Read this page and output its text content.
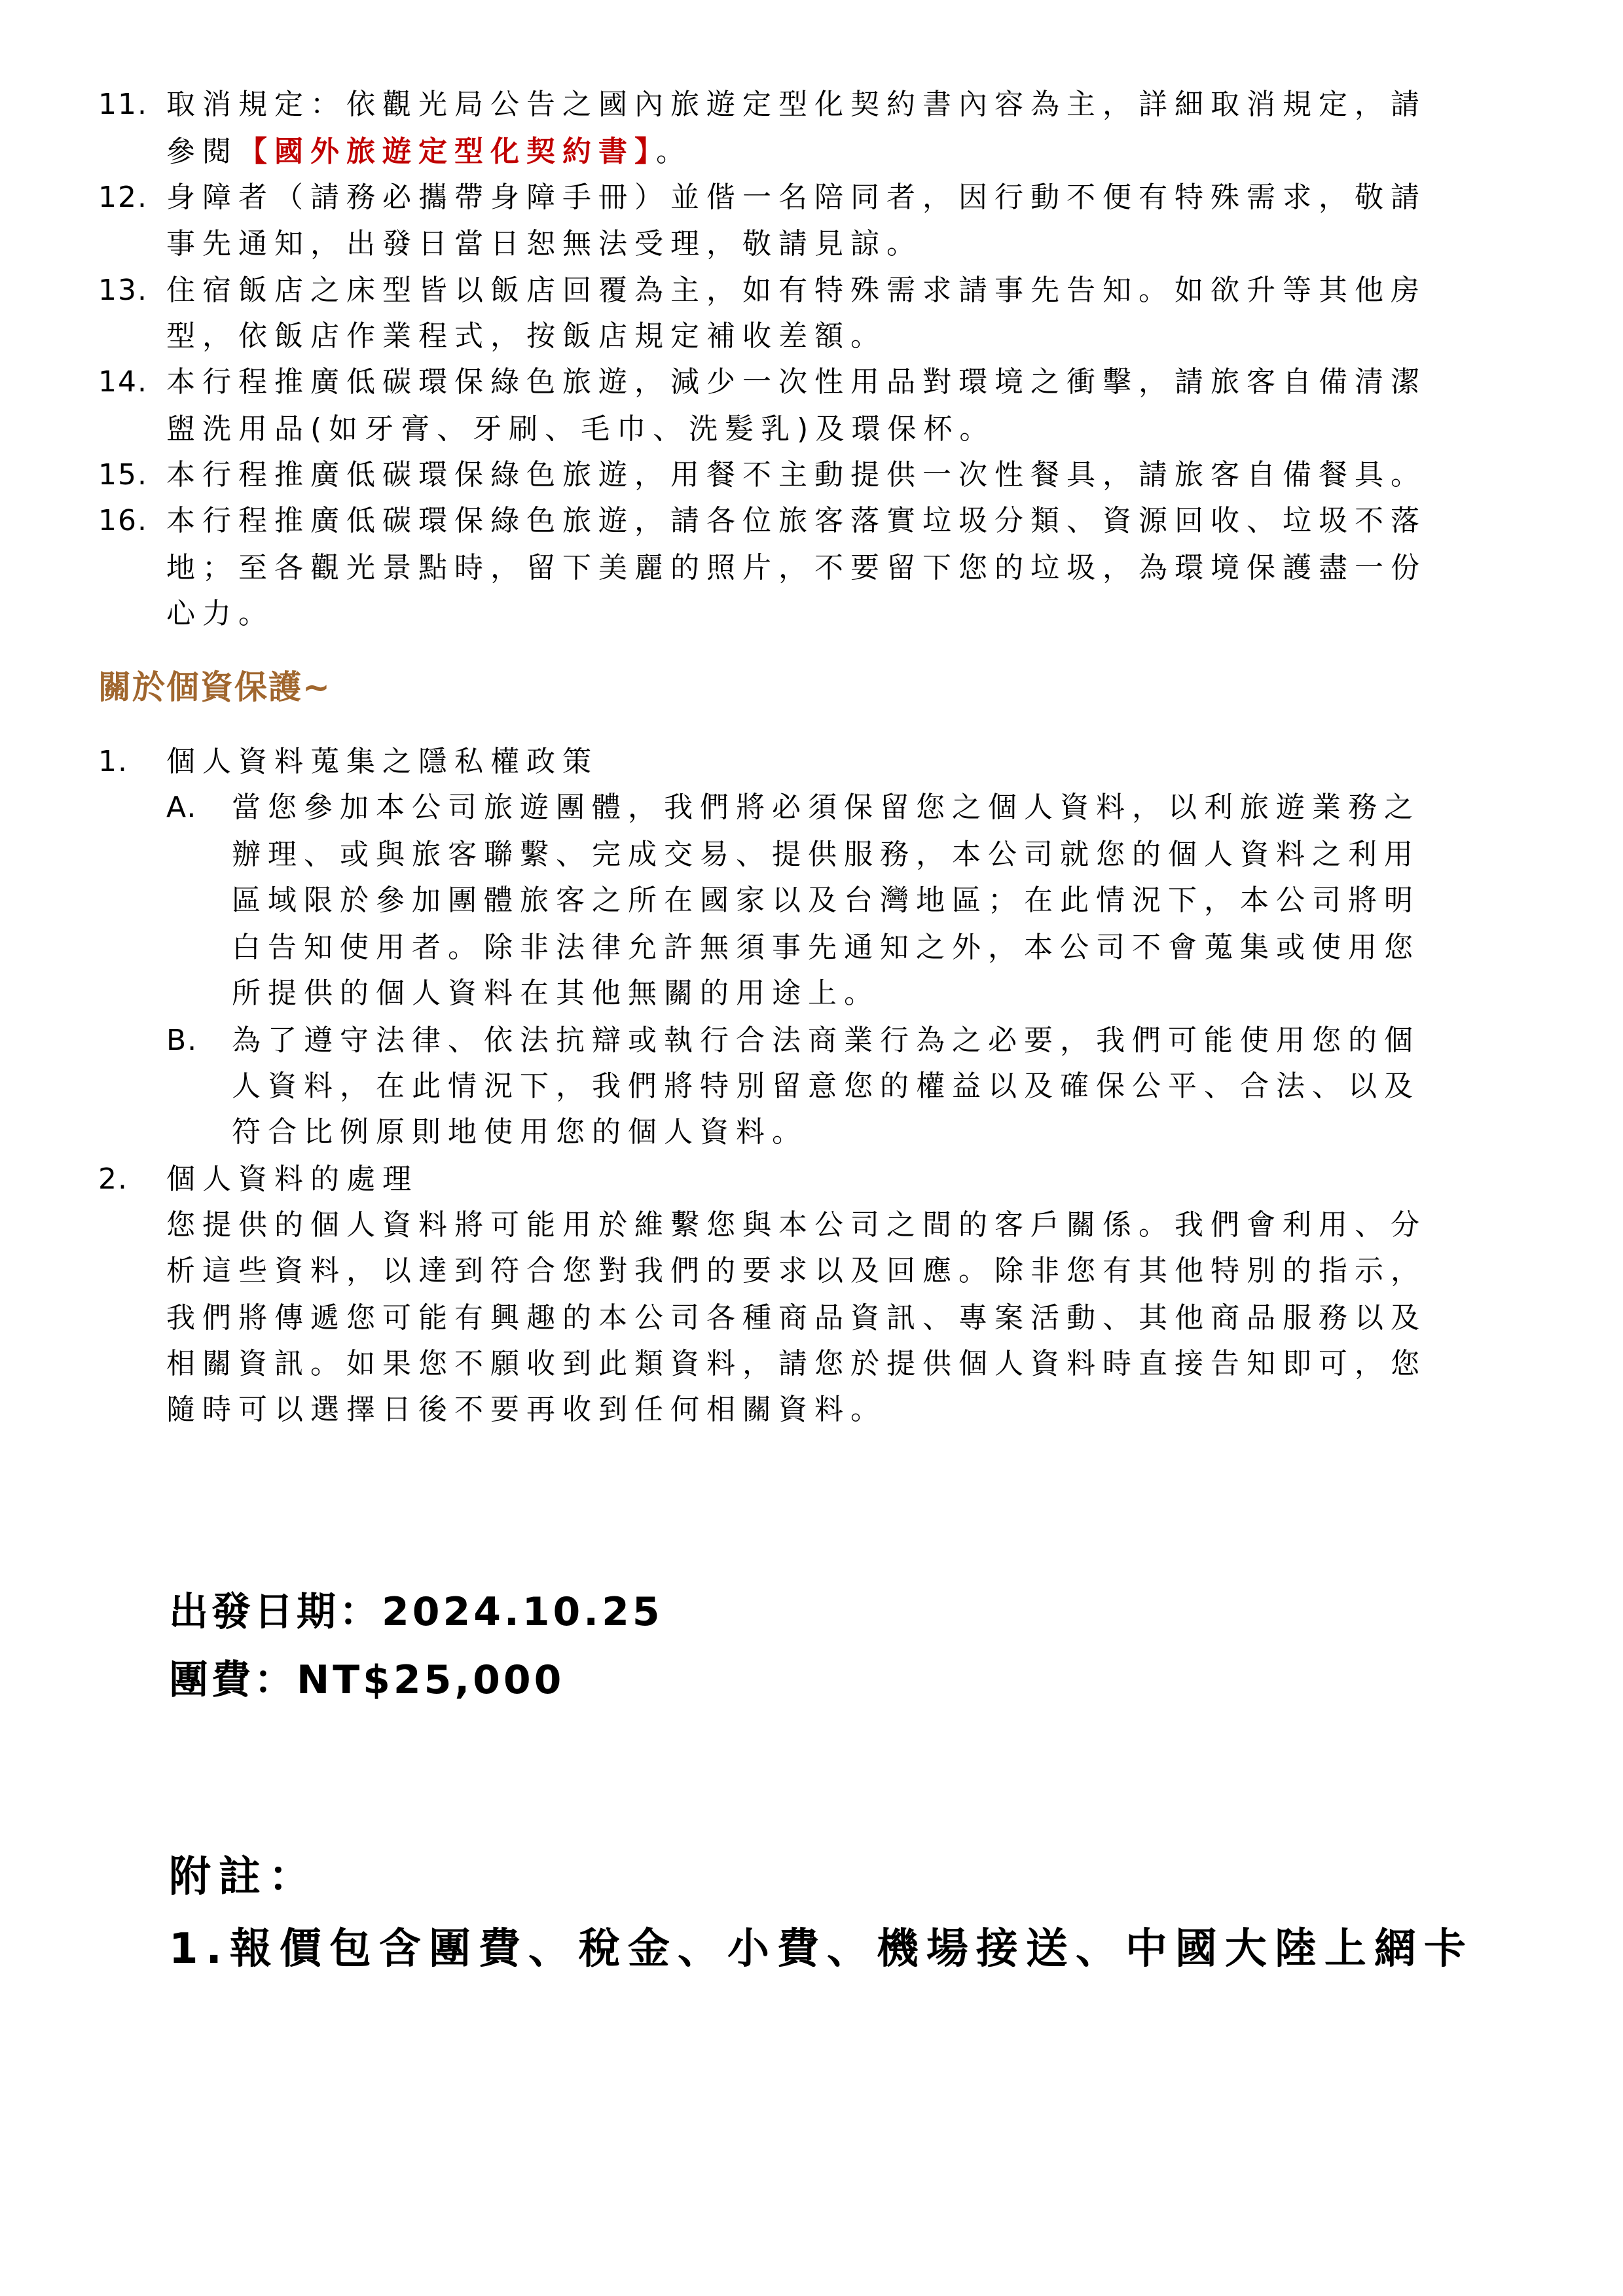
11. 取消規定：依觀光局公告之國內旅遊定型化契約書內容為主，詳細取消規定，請
參閱【國外旅遊定型化契約書】。
12. 身障者（請務必攜帶身障手冊）並偕一名陪同者，因行動不便有特殊需求，敬請
事先通知，出發日當日恕無法受理，敬請見諒。
13. 住宿飯店之床型皆以飯店回覆為主，如有特殊需求請事先告知。如欲升等其他房
型，依飯店作業程式，按飯店規定補收差額。
14. 本行程推廣低碳環保綠色旅遊，減少一次性用品對環境之衝擊，請旅客自備清潔
盥洗用品(如牙膏、牙刷、毛巾、洗髮乳)及環保杯。
15. 本行程推廣低碳環保綠色旅遊，用餐不主動提供一次性餐具，請旅客自備餐具。
16. 本行程推廣低碳環保綠色旅遊，請各位旅客落實垃圾分類、資源回收、垃圾不落
地；至各觀光景點時，留下美麗的照片，不要留下您的垃圾，為環境保護盡一份
心力。
關於個資保護~
1. 個人資料蒐集之隱私權政策
A. 當您參加本公司旅遊團體，我們將必須保留您之個人資料，以利旅遊業務之
辦理、或與旅客聯繫、完成交易、提供服務，本公司就您的個人資料之利用
區域限於參加團體旅客之所在國家以及台灣地區；在此情況下，本公司將明
白告知使用者。除非法律允許無須事先通知之外，本公司不會蒐集或使用您
所提供的個人資料在其他無關的用途上。
B. 為了遵守法律、依法抗辯或執行合法商業行為之必要，我們可能使用您的個
人資料，在此情況下，我們將特別留意您的權益以及確保公平、合法、以及
符合比例原則地使用您的個人資料。
2. 個人資料的處理
您提供的個人資料將可能用於維繫您與本公司之間的客戶關係。我們會利用、分
析這些資料，以達到符合您對我們的要求以及回應。除非您有其他特別的指示，
我們將傳遞您可能有興趣的本公司各種商品資訊、專案活動、其他商品服務以及
相關資訊。如果您不願收到此類資料，請您於提供個人資料時直接告知即可，您
隨時可以選擇日後不要再收到任何相關資料。
出發日期：2024.10.25
團費：NT$25,000
附註：
1.報價包含團費、稅金、小費、機場接送、中國大陸上網卡
